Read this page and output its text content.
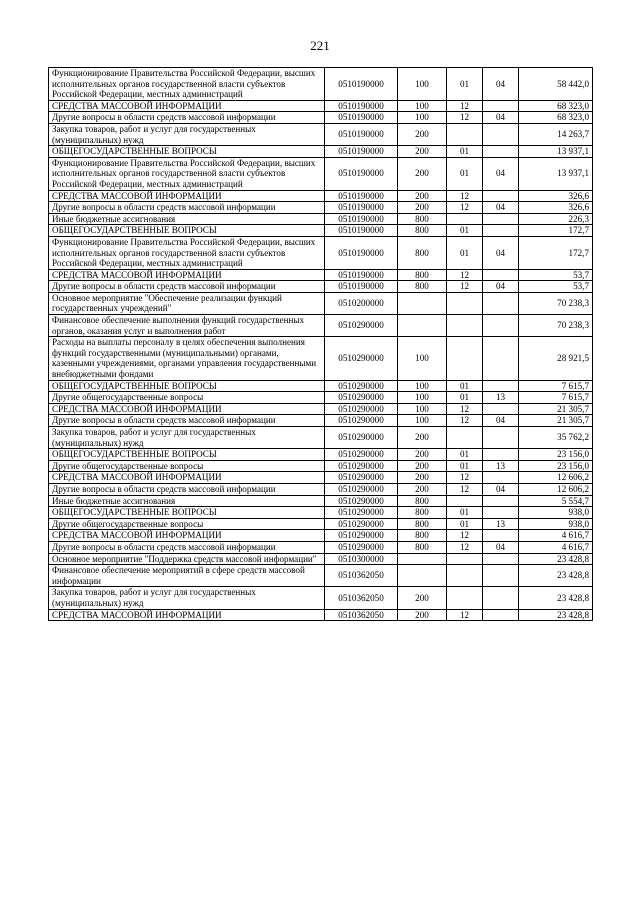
221
Функционирование Правительства Российской Федерации, высших исполнительных органов государственной власти субъектов Российской Федерации, местных администраций	0510190000	100	01	04	58 442,0
СРЕДСТВА МАССОВОЙ ИНФОРМАЦИИ	0510190000	100	12		68 323,0
Другие вопросы в области средств массовой информации	0510190000	100	12	04	68 323,0
Закупка товаров, работ и услуг для государственных (муниципальных) нужд	0510190000	200			14 263,7
ОБЩЕГОСУДАРСТВЕННЫЕ ВОПРОСЫ	0510190000	200	01		13 937,1
Функционирование Правительства Российской Федерации, высших исполнительных органов государственной власти субъектов Российской Федерации, местных администраций	0510190000	200	01	04	13 937,1
СРЕДСТВА МАССОВОЙ ИНФОРМАЦИИ	0510190000	200	12		326,6
Другие вопросы в области средств массовой информации	0510190000	200	12	04	326,6
Иные бюджетные ассигнования	0510190000	800			226,3
ОБЩЕГОСУДАРСТВЕННЫЕ ВОПРОСЫ	0510190000	800	01		172,7
Функционирование Правительства Российской Федерации, высших исполнительных органов государственной власти субъектов Российской Федерации, местных администраций	0510190000	800	01	04	172,7
СРЕДСТВА МАССОВОЙ ИНФОРМАЦИИ	0510190000	800	12		53,7
Другие вопросы в области средств массовой информации	0510190000	800	12	04	53,7
Основное мероприятие "Обеспечение реализации функций государственных учреждений"	0510200000				70 238,3
Финансовое обеспечение выполнения функций государственных органов, оказания услуг и выполнения работ	0510290000				70 238,3
Расходы на выплаты персоналу в целях обеспечения выполнения функций государственными (муниципальными) органами, казенными учреждениями, органами управления государственными внебюджетными фондами	0510290000	100			28 921,5
ОБЩЕГОСУДАРСТВЕННЫЕ ВОПРОСЫ	0510290000	100	01		7 615,7
Другие общегосударственные вопросы	0510290000	100	01	13	7 615,7
СРЕДСТВА МАССОВОЙ ИНФОРМАЦИИ	0510290000	100	12		21 305,7
Другие вопросы в области средств массовой информации	0510290000	100	12	04	21 305,7
Закупка товаров, работ и услуг для государственных (муниципальных) нужд	0510290000	200			35 762,2
ОБЩЕГОСУДАРСТВЕННЫЕ ВОПРОСЫ	0510290000	200	01		23 156,0
Другие общегосударственные вопросы	0510290000	200	01	13	23 156,0
СРЕДСТВА МАССОВОЙ ИНФОРМАЦИИ	0510290000	200	12		12 606,2
Другие вопросы в области средств массовой информации	0510290000	200	12	04	12 606,2
Иные бюджетные ассигнования	0510290000	800			5 554,7
ОБЩЕГОСУДАРСТВЕННЫЕ ВОПРОСЫ	0510290000	800	01		938,0
Другие общегосударственные вопросы	0510290000	800	01	13	938,0
СРЕДСТВА МАССОВОЙ ИНФОРМАЦИИ	0510290000	800	12		4 616,7
Другие вопросы в области средств массовой информации	0510290000	800	12	04	4 616,7
Основное мероприятие "Поддержка средств массовой информации"	0510300000				23 428,8
Финансовое обеспечение мероприятий в сфере средств массовой информации	0510362050				23 428,8
Закупка товаров, работ и услуг для государственных (муниципальных) нужд	0510362050	200			23 428,8
СРЕДСТВА МАССОВОЙ ИНФОРМАЦИИ	0510362050	200	12		23 428,8
